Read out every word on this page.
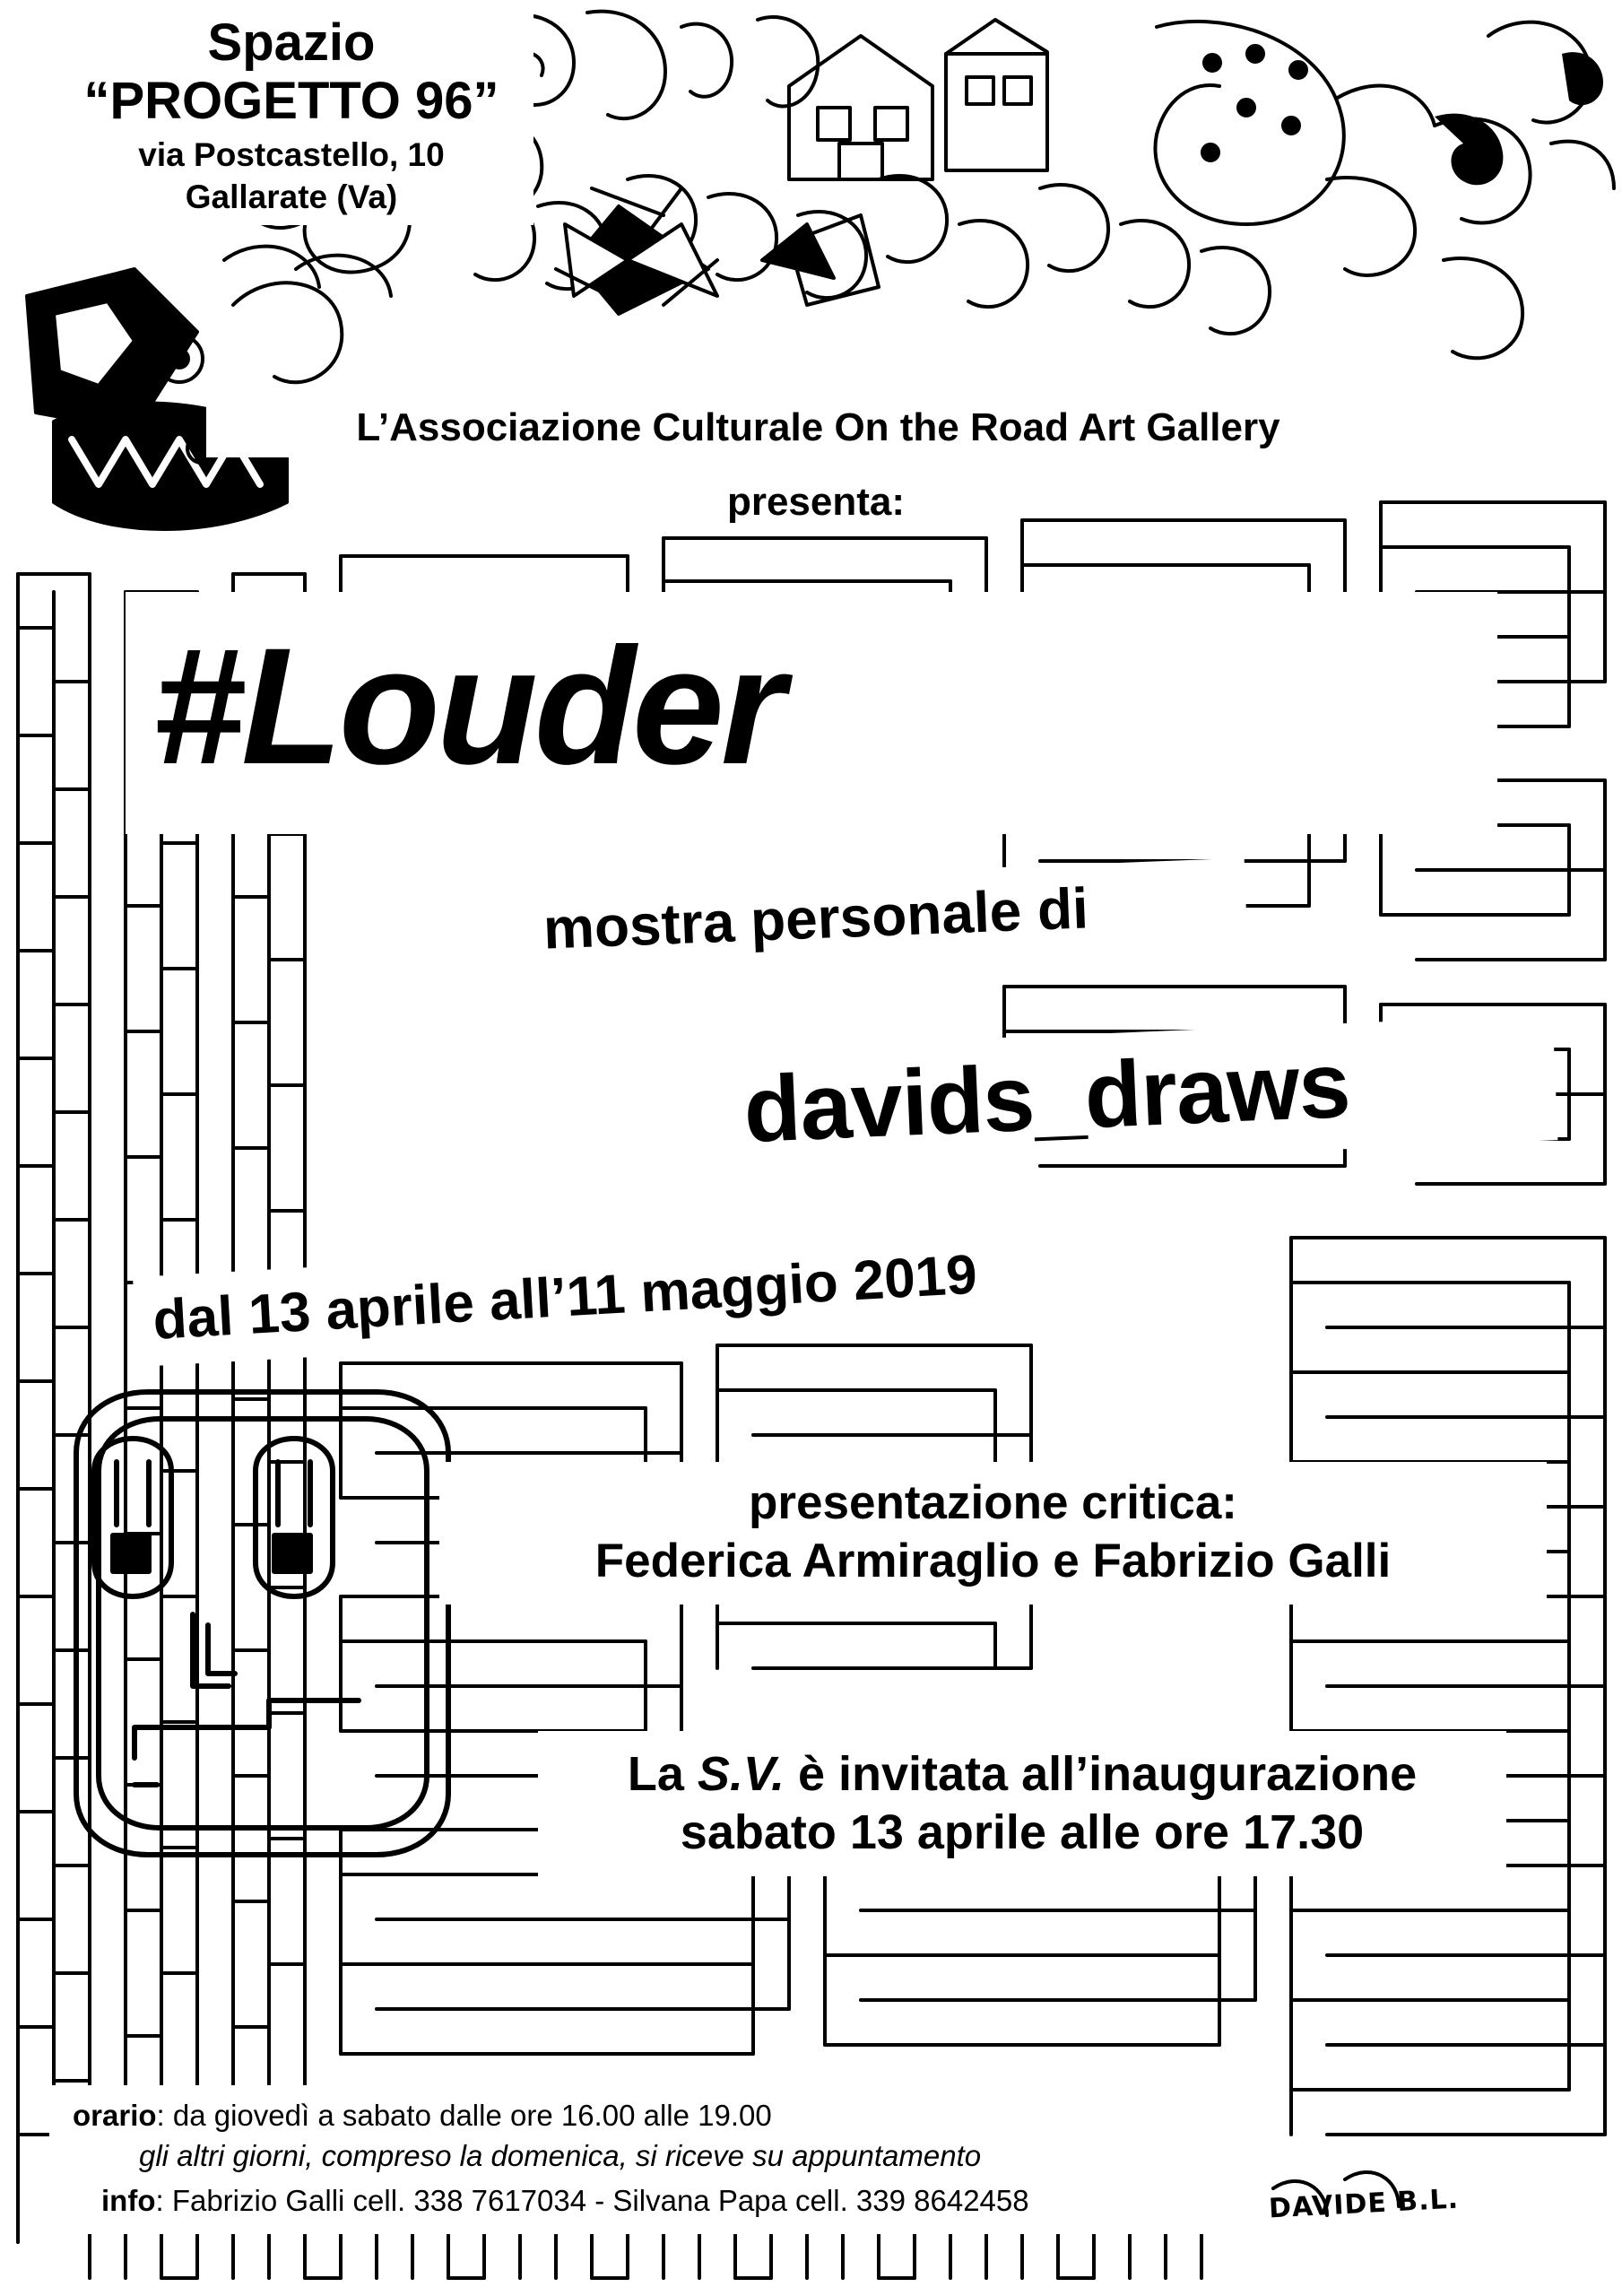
Spazio
“PROGETTO 96”
via Postcastello, 10
Gallarate (Va)
L’Associazione Culturale On the Road Art Gallery
presenta:
#Louder
mostra personale di
davids_draws
dal 13 aprile all’11 maggio 2019
presentazione critica:
Federica Armiraglio e Fabrizio Galli
La S.V. è invitata all’inaugurazione
sabato 13 aprile alle ore 17.30
orario: da giovedì a sabato dalle ore 16.00 alle 19.00
gli altri giorni, compreso la domenica, si riceve su appuntamento
info: Fabrizio Galli cell. 338 7617034 - Silvana Papa cell. 339 8642458	DAVIDE B.L.
